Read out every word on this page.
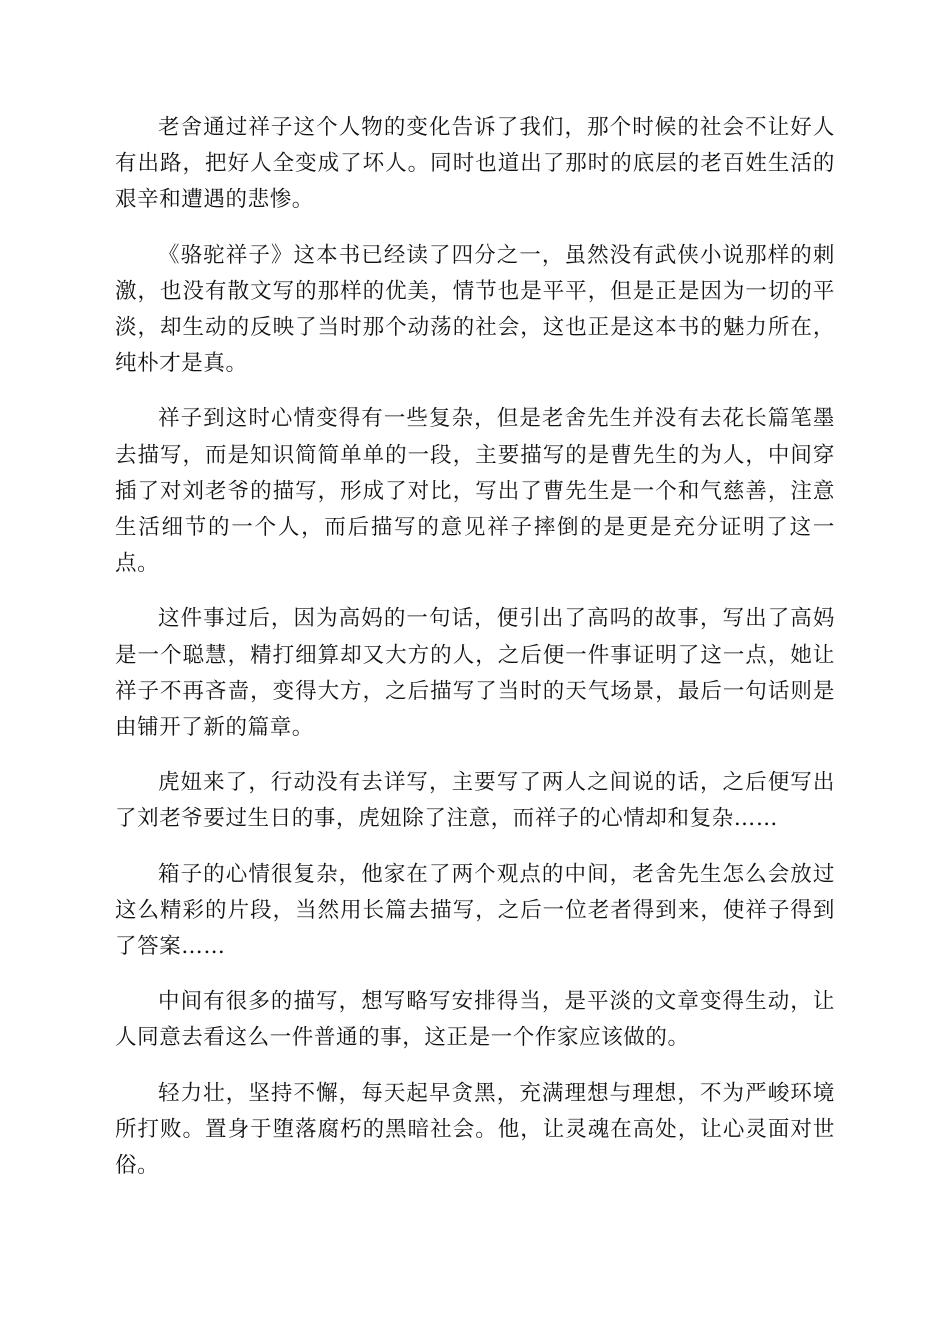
老舍通过祥子这个人物的变化告诉了我们，那个时候的社会不让好人有出路，把好人全变成了坏人。同时也道出了那时的底层的老百姓生活的艰辛和遭遇的悲惨。

《骆驼祥子》这本书已经读了四分之一，虽然没有武侠小说那样的刺激，也没有散文写的那样的优美，情节也是平平，但是正是因为一切的平淡，却生动的反映了当时那个动荡的社会，这也正是这本书的魅力所在，纯朴才是真。

祥子到这时心情变得有一些复杂，但是老舍先生并没有去花长篇笔墨去描写，而是知识简简单单的一段，主要描写的是曹先生的为人，中间穿插了对刘老爷的描写，形成了对比，写出了曹先生是一个和气慈善，注意生活细节的一个人，而后描写的意见祥子摔倒的是更是充分证明了这一点。

这件事过后，因为高妈的一句话，便引出了高吗的故事，写出了高妈是一个聪慧，精打细算却又大方的人，之后便一件事证明了这一点，她让祥子不再吝啬，变得大方，之后描写了当时的天气场景，最后一句话则是由铺开了新的篇章。

虎妞来了，行动没有去详写，主要写了两人之间说的话，之后便写出了刘老爷要过生日的事，虎妞除了注意，而祥子的心情却和复杂……

箱子的心情很复杂，他家在了两个观点的中间，老舍先生怎么会放过这么精彩的片段，当然用长篇去描写，之后一位老者得到来，使祥子得到了答案……

中间有很多的描写，想写略写安排得当，是平淡的文章变得生动，让人同意去看这么一件普通的事，这正是一个作家应该做的。

轻力壮，坚持不懈，每天起早贪黑，充满理想与理想，不为严峻环境所打败。置身于堕落腐朽的黑暗社会。他，让灵魂在高处，让心灵面对世俗。
